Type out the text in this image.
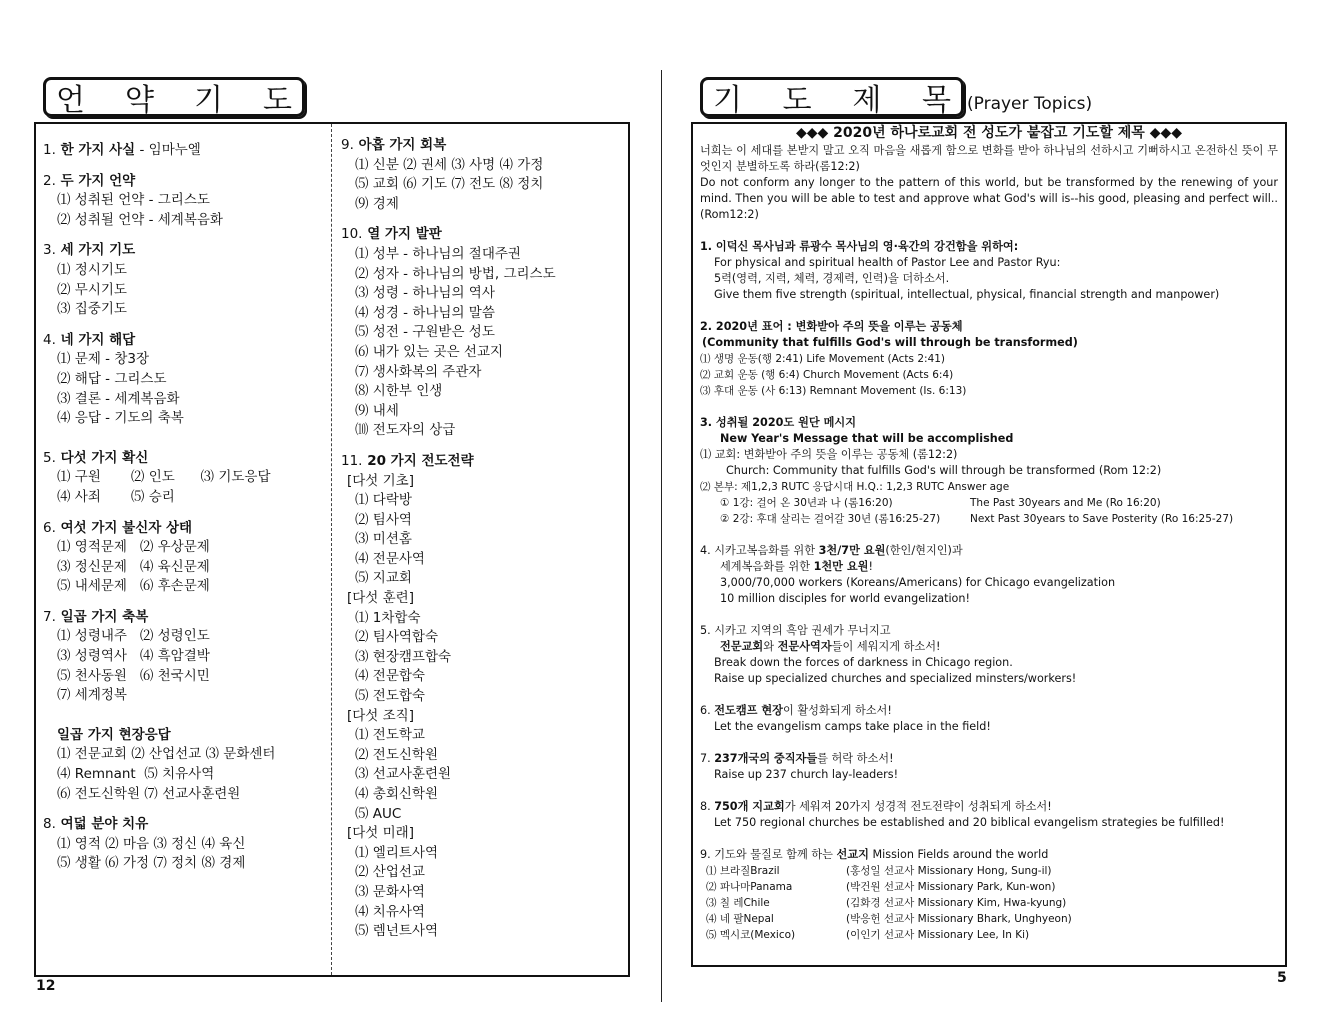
언 약 기 도
1. 한 가지 사실 - 임마누엘
2. 두 가지 언약
⑴ 성취된 언약 - 그리스도
⑵ 성취될 언약 - 세계복음화
3. 세 가지 기도
⑴ 정시기도
⑵ 무시기도
⑶ 집중기도
4. 네 가지 해답
⑴ 문제 - 창3장
⑵ 해답 - 그리스도
⑶ 결론 - 세계복음화
⑷ 응답 - 기도의 축복
5. 다섯 가지 확신
⑴ 구원       ⑵ 인도      ⑶ 기도응답
⑷ 사죄       ⑸ 승리
6. 여섯 가지 불신자 상태
⑴ 영적문제   ⑵ 우상문제
⑶ 정신문제   ⑷ 육신문제
⑸ 내세문제   ⑹ 후손문제
7. 일곱 가지 축복
⑴ 성령내주   ⑵ 성령인도
⑶ 성령역사   ⑷ 흑암결박
⑸ 천사동원   ⑹ 천국시민
⑺ 세계정복
일곱 가지 현장응답
⑴ 전문교회 ⑵ 산업선교 ⑶ 문화센터
⑷ Remnant  ⑸ 치유사역
⑹ 전도신학원 ⑺ 선교사훈련원
8. 여덟 분야 치유
⑴ 영적 ⑵ 마음 ⑶ 정신 ⑷ 육신
⑸ 생활 ⑹ 가정 ⑺ 정치 ⑻ 경제
9. 아홉 가지 회복
⑴ 신분 ⑵ 권세 ⑶ 사명 ⑷ 가정
⑸ 교회 ⑹ 기도 ⑺ 전도 ⑻ 정치
⑼ 경제
10. 열 가지 발판
⑴ 성부 - 하나님의 절대주권
⑵ 성자 - 하나님의 방법, 그리스도
⑶ 성령 - 하나님의 역사
⑷ 성경 - 하나님의 말씀
⑸ 성전 - 구원받은 성도
⑹ 내가 있는 곳은 선교지
⑺ 생사화복의 주관자
⑻ 시한부 인생
⑼ 내세
⑽ 전도자의 상급
11. 20 가지 전도전략
[다섯 기초]
⑴ 다락방
⑵ 팀사역
⑶ 미션홈
⑷ 전문사역
⑸ 지교회
[다섯 훈련]
⑴ 1차합숙
⑵ 팀사역합숙
⑶ 현장캠프합숙
⑷ 전문합숙
⑸ 전도합숙
[다섯 조직]
⑴ 전도학교
⑵ 전도신학원
⑶ 선교사훈련원
⑷ 총회신학원
⑸ AUC
[다섯 미래]
⑴ 엘리트사역
⑵ 산업선교
⑶ 문화사역
⑷ 치유사역
⑸ 렘넌트사역
12
기 도 제 목 (Prayer Topics)
◆◆◆ 2020년 하나로교회 전 성도가 붙잡고 기도할 제목 ◆◆◆

너희는 이 세대를 본받지 말고 오직 마음을 새롭게 함으로 변화를 받아 하나님의 선하시고 기뻐하시고 온전하신 뜻이 무엇인지 분별하도록 하라(롬12:2)

Do not conform any longer to the pattern of this world, but be transformed by the renewing of your mind. Then you will be able to test and approve what God's will is--his good, pleasing and perfect will..(Rom12:2)

1. 이덕신 목사님과 류광수 목사님의 영·육간의 강건함을 위하여:

For physical and spiritual health of Pastor Lee and Pastor Ryu:

5력(영력, 지력, 체력, 경제력, 인력)을 더하소서.

Give them five strength (spiritual, intellectual, physical, financial strength and manpower)

2. 2020년 표어 : 변화받아 주의 뜻을 이루는 공동체

(Community that fulfills God's will through be transformed)

⑴ 생명 운동(행 2:41) Life Movement (Acts 2:41)

⑵ 교회 운동 (행 6:4) Church Movement (Acts 6:4)

⑶ 후대 운동 (사 6:13) Remnant Movement (Is. 6:13)

3. 성취될 2020도 원단 메시지

New Year's Message that will be accomplished

⑴ 교회: 변화받아 주의 뜻을 이루는 공동체 (롬12:2)

Church: Community that fulfills God's will through be transformed (Rom 12:2)

⑵ 본부: 제1,2,3 RUTC 응답시대 H.Q.: 1,2,3 RUTC Answer age

① 1강: 걸어 온 30년과 나 (롬16:20)	The Past 30years and Me (Ro 16:20)
② 2강: 후대 살리는 걸어갈 30년 (롬16:25-27)	Next Past 30years to Save Posterity (Ro 16:25-27)

4. 시카고복음화를 위한 3천/7만 요원(한인/현지인)과

세계복음화를 위한 1천만 요원!

3,000/70,000 workers (Koreans/Americans) for Chicago evangelization

10 million disciples for world evangelization!

5. 시카고 지역의 흑암 권세가 무너지고

전문교회와 전문사역자들이 세워지게 하소서!

Break down the forces of darkness in Chicago region.

Raise up specialized churches and specialized minsters/workers!

6. 전도캠프 현장이 활성화되게 하소서!

Let the evangelism camps take place in the field!

7. 237개국의 중직자들를 허락 하소서!

Raise up 237 church lay-leaders!

8. 750개 지교회가 세워져 20가지 성경적 전도전략이 성취되게 하소서!

Let 750 regional churches be established and 20 biblical evangelism strategies be fulfilled!

9. 기도와 물질로 함께 하는 선교지 Mission Fields around the world

⑴ 브라질Brazil	(홍성일 선교사 Missionary Hong, Sung-il)
⑵ 파나마Panama	(박건원 선교사 Missionary Park, Kun-won)
⑶ 칠 레Chile	(김화경 선교사 Missionary Kim, Hwa-kyung)
⑷ 네 팔Nepal	(박응헌 선교사 Missionary Bhark, Unghyeon)
⑸ 멕시코(Mexico)	(이인기 선교사 Missionary Lee, In Ki)
5
